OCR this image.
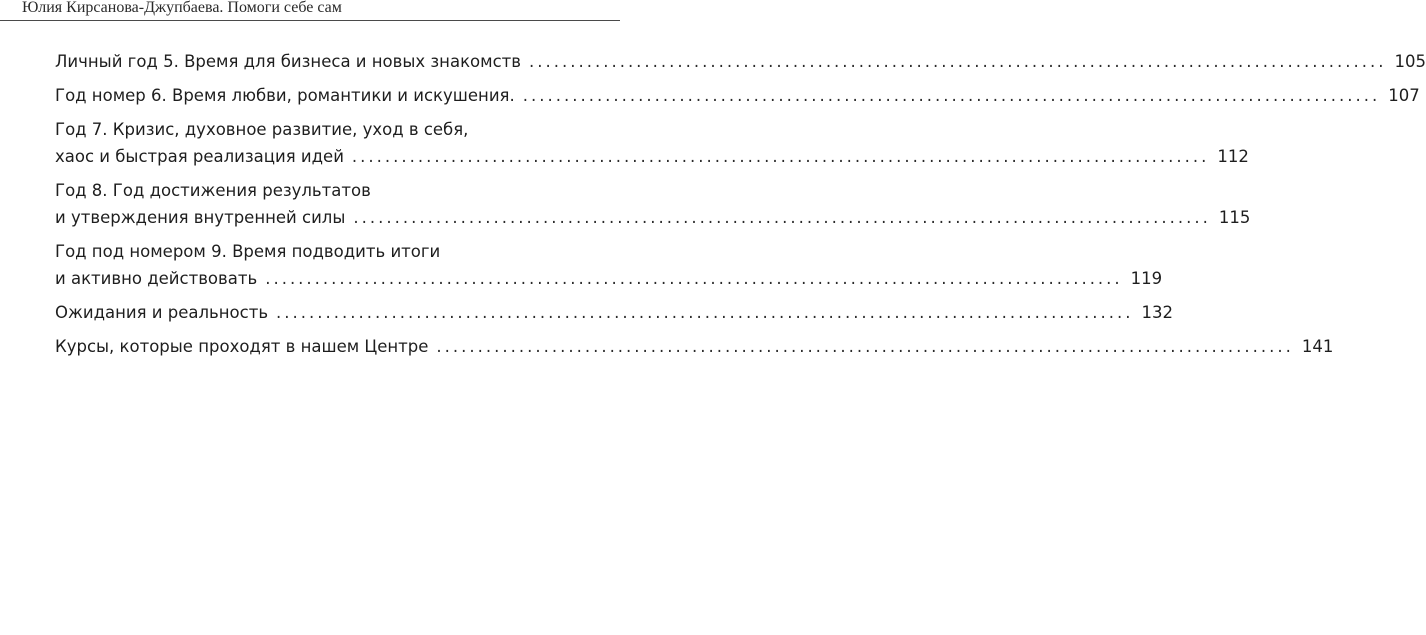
Юлия Кирсанова-Джупбаева. Помоги себе сам
Личный год 5. Время для бизнеса и новых знакомств ........................................................................................................ 105
Год номер 6. Время любви, романтики и искушения. ........................................................................................................ 107
Год 7. Кризис, духовное развитие, уход в себя,
хаос и быстрая реализация идей ........................................................................................................ 112
Год 8. Год достижения результатов
и утверждения внутренней силы ........................................................................................................ 115
Год под номером 9. Время подводить итоги
и активно действовать ........................................................................................................ 119
Ожидания и реальность ........................................................................................................ 132
Курсы, которые проходят в нашем Центре ........................................................................................................ 141
